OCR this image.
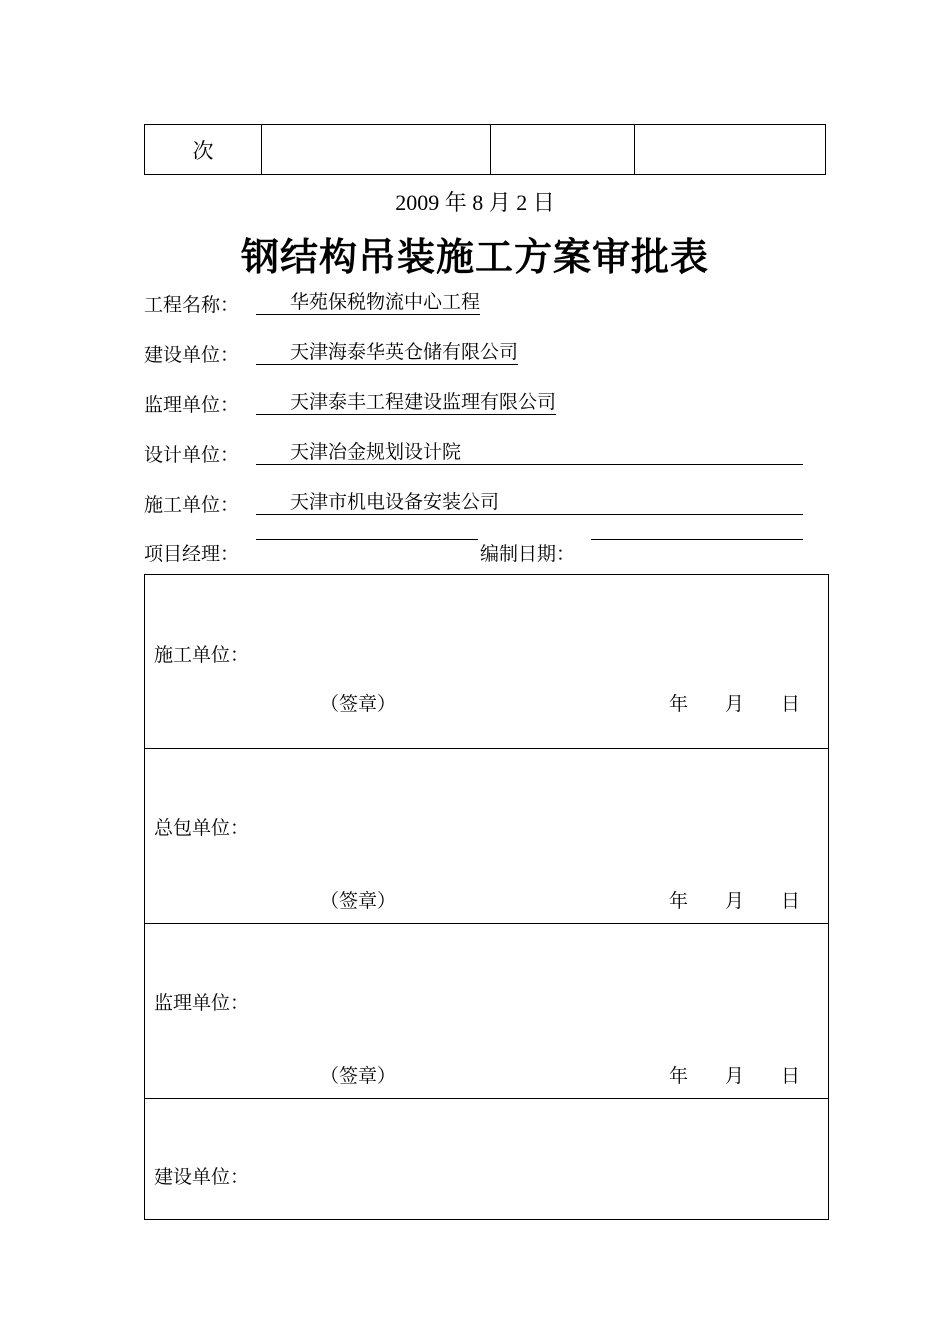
次			
2009 年 8 月 2 日
钢结构吊装施工方案审批表
工程名称：	华苑保税物流中心工程
建设单位：	天津海泰华英仓储有限公司
监理单位：	天津泰丰工程建设监理有限公司
设计单位：	天津冶金规划设计院
施工单位：	天津市机电设备安装公司
项目经理：	编制日期：
施工单位：
（签章）	年 月 日
总包单位：
（签章）	年 月 日
监理单位：
（签章）	年 月 日
建设单位：
